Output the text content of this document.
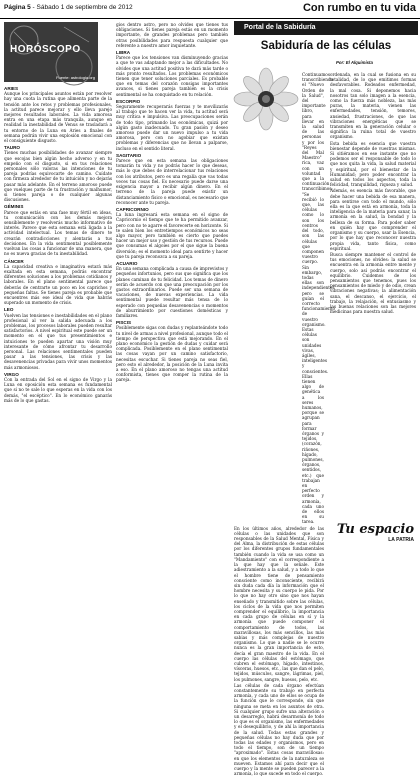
Página 5 - Sábado 1 de septiembre de 2012	Con rumbo en tu vida
HORÓSCOPO
Fuente: astrologia.org
ARIES

Aunque los principales asuntos están por resolver hay una cuota la rutina que alimenta parte de la tensión ante los retos y problemas profesionales, la actitud parece mejorar y ello lleva parejo mejores resultados laborales. La vida amorosa entra en una etapa más tranquila, aunque en realidad la inestabilidad de Venus se trasladará a tu entorno de la Luna en Aries a finales de semana podrán vivir una explosión emocional con el consiguiente disgusto.

TAURO

Tienes muchas posibilidades de avanzar siempre que escojas bien algún hecho adverso y en tu empeño con el disgusto, si en tus relaciones personales sólo valoras las intenciones de tu pareja podrías equivocarte de camino. Cuídate con firmeza alrededor de tu intuición y no dejarás pasar más adelante. En el terreno amoroso puede que vuelques parte de tu frustración y malhumor, si tienes pareja o de cualquier algunas discusiones.

GÉMINIS

Parece que estás en una fase muy fértil en ideas, tu comunicación con los demás mejora sensiblemente y resolverás mucho informativo de interés. Parece que esta semana está ligada a la actividad intelectual. Los temas de dinero te crearán contradicciones y alentarás a tus decisiones. En la vida sentimental posiblemente vuelvan las cosas a funcionar de una manera, que no es nueva gracias de tu inestabilidad.

CÁNCER

La capacidad creativa e imaginativa estará más exaltada en esta semana, podrás encontrar diferentes soluciones a los problemas cotidianos y laborales. En el plano sentimental parece que deberás de centrarte un poco en los caprichos y pequeñas faltas. Se tienes pareja es probable que encuentres más ese ideal de vida que habrás superado un momento de crisis.

LEO

Vuelven las tensiones e inestabilidades en el plano profesional al ver la salida adecuada a los problemas, los procesos laborales pueden resultar satisfactorios. A nivel espiritual este puede ser un momento en el que tus presentimientos e intuiciones te pueden apartar una visión muy interesante de cómo afrontar tu desarrollo personal. Las relaciones sentimentales pueden pasar a las tensiones, las crisis y las desavenencias privadas para vivir unos momentos más armoniosos.

VIRGO

Con la entrada del Sol en el signo de Virgo y la Luna en oposición esta semana es fundamental que si no te sale lo que esperas en la vida con los demás, "el escéptico". En lo económico ganarás más de lo que gastas.

gios dentro astro, pero no olvides que tienes tus obligaciones. Si tienes pareja estás en un momento importante, de grandes problemas pero también otras posibilidades para respuesta cualquier que referente a nuestro amor inquietante.

LIBRA

Parece que los tensiones van disminuyendo gracias a que te vas adaptando mejor a las dificultades. No olvides que una actitud positiva te dará más tarde o más pronto resultados. Los problemas económicos tienen que tener soluciones parciales. Es probable que en temas del corazón consigas importantes avances, si tienes pareja también es la crisis sentimental se ha conquistado en tu relación.

ESCORPIO

Seguramente recuperarás fuerzas y te movilizarás al trabajo que te hacen ver la vida, tu actitud será muy crítica e impulsiva. Las preocupaciones serán de todo tipo, primando las económicas, quizá por algún gasto inadecuado. Tu gran pasión y deseo amoroso puede dar un nuevo impulso a tu vida amorosa, pero con no agobiar que existan problemas y diferencias que no llevan a palparse, incluso en el sentido literal.

SAGITARIO

Parece que en esta semana las obligaciones tomarán tu vida y no podrás hacer lo que deseas, más lo que debes de interrelacionar tus relaciones con los atributos, pero es una regalía que vas todas veces tus cosas fiel. Es necesario puede darse una exigencia mayor a recibir algún dinero. En el terreno de la pareja puede existir un distanciamiento físico o emocional, es necesario que reconocer ante tu pareja.

CAPRICORNIO

La luna ingresará esta semana en el signo de Capricornio el tiempo que te ha permitido avanzar, pero con no te agarre el favorecerte en horizonte. Si te salen bien los entretiempos económicos no seas algo mayor, pero también es cierto que puedes hacer un mejor uso y gestión de tus recursos. Puede que consumas el algoíes por el que sigue la buena diversión; es el momento ideal para sentirte y hacer que tu pareja reconozca a su pareja.

ACUARIO

En una semana complicada a causa de imprevistos y pequeños infortunios, pero sus que significa que los planes caminan de tu felicidad. Los temas de dinero serán de acuerdo con que una preocupación por los gastos extraordinarios. Puede ser una semana de vacaciones, de nuevas experiencias. La vida sentimental puede resultar más tensa de lo esperado con pequeñas desavenencias o momentos de aburrimiento por cuestiones domésticas y familiares.

PISCIS

Posiblemente sigas con dudas y replanteándote todo tu nivel de armas a nivel profesional, aunque todo el tiempo de perspectiva que está mejorando. En el plano económico la gestión de dudas y cuidar será complicada. Posiblemente en el plano sentimental las cosas vayan por un camino satisfactorio, necesitas escuchar. Si tienes pareja no seas fiel, pero esto el alrededor, la posición de la Luna invita a eso. En el plano amoroso no tengas una actitud conformista, tienes que romper la rutina de la pareja.

Portal de la Sabiduría
Sabiduría de las células
Por: El Alquimista

Continuamos transcribiendo el "Nuevo Orden de la Salud", del importante libro, para llevar en la salud de las personas y por los "Reyes del Mal Maestro" rica, vaz con un voluntad que a la continuación transcribimos: "Se recibió lo que, las células como lo son los centros del todo, son las células que componen vuestro cuerpo. Sin embargo, todas ellas son independientes pero se guían el correcto funcionamiento de vuestro organismo. Estas células son unidades vivas, ágiles, inteligentes y conscientes. Ellas tienen algo de genética a los seres humanos, porque se agrupan para formar órganos y tejidos, (corazón, riñones, hígado, pulmones, órganos, sentidos, etc.) que trabajan en perfecto orden y armonía, cada uno de ellos en su tarea.

En los últimos años, alrededor de las células o las unidades que son responsables de la Salud Mental, Física y del Alma, la distribución de estas células por los diferentes grupos fundamentales también cuando la vida se usa como un "Mandamiento" con el correspondiente a la que hay que la señale. Este adiestramiento a la salud, y a todo lo que el hombre tiene de pensamiento consciente como inconsciente, recibirá sin duda cada día la información que el hombre necesita y su cuerpo le pida. Por lo que no hay otro sino que nos hayan enseñado y transmitido sobre las células, los ciclos de la vida que nos permiten comprender el equilibrio, la importancia en cada grupo de células en sí y la armonía que puede componer el comportamiento de todos, las maravillosas, los más sencillos, las más sabias y más complejas de nuestro organismo. Lo que a nadie se le ocurre nunca es la gran importancia de esto, decía el gran maestro de la vida. En el cuerpo las células del estómago, que cubren el estómago, hígado, intestinos, vísceras, huesos, etc., las que dan el pelo, tejidos, músculos, sangre, lágrimas, piel, los pulmones, sangre, huesos, pelo, etc.

Las células de cada órgano efectúan constantemente su trabajo en perfecta armonía, y cada uno de ellos se ocupa de la función que le corresponde, sin que ninguna se meta en los asuntos de otra. Si cualquier grupo sufre una alteración o un desarreglo, habrá desarmonía de todo lo que es el organismo, las enfermedades y el desequilibrio, y de ahí la importancia de la salud. Todas estas grandes y pequeñas células no hay duda que por todas las edades y organismos, pero en todo el tiempo, son de un tiempo "aproximado". Estas cosas maravillosas: en que los elementos de la naturaleza se mueven. Estamos ahí para decir que el cuerpo y la mente se pueden parecer a la armonía, lo que sucede en todo el cuerpo.

ordenada, en la cual se fusiona en su totalidad, de lo que emitimos formas desfavorables. Rodeados enfermedad, la mal cosa. Si deponemos hacia nosotros tan solo imagen a la esencia, como la fuerza más nobleza, las más puras, la materia, vienen las enfermedades, tensión, temores, ansiedad, frustraciones, de que las vibraciones energéticas que se transmiten en la generación celular o significa la ruina total de vuestro organismo.

Esta bebida es esencia que vuestra bienestar depende de vuestras mismas. Si sitiéramos en ese instante que no podemos ser el responsable de todo lo que nos quita la vida, la salud material y espiritual, por el bienestar de la Humanidad; pero poder encontrar la salud en todos los aspectos, toda la felicidad, tranquilidad, riqueza y salud.

Además, es esencia más favorable, que debe hacer una bebida de esa manera, para sentirse con todo el mundo, sólo ella es la que está en armonía, toda la inteligencia de la materia para sanar, la armonía en la salud, la bondad y la belleza de su forma. Para poder saber en quién hay que comprender el organismo y su cuerpo, usar la Esencia, por lo que hay que reconocer nuestra propia vida, tanto física, como espiritual.

Busca siempre mantener el control de tus emociones, no olvides: la salud se encuentra en la armonía entre mente y cuerpo, solo así podrás encontrar el equilibrio. Cuidemos de los pensamientos que tenemos, pues los pensamientos de miedo y de odio, crean vibraciones negativas; la alimentación sana, el descanso, el ejercicio, el trabajo, la relajación, el entusiasmo y las buenas relaciones son las mejores medicinas para nuestra salud.

Tu espacio
LA PATRIA
